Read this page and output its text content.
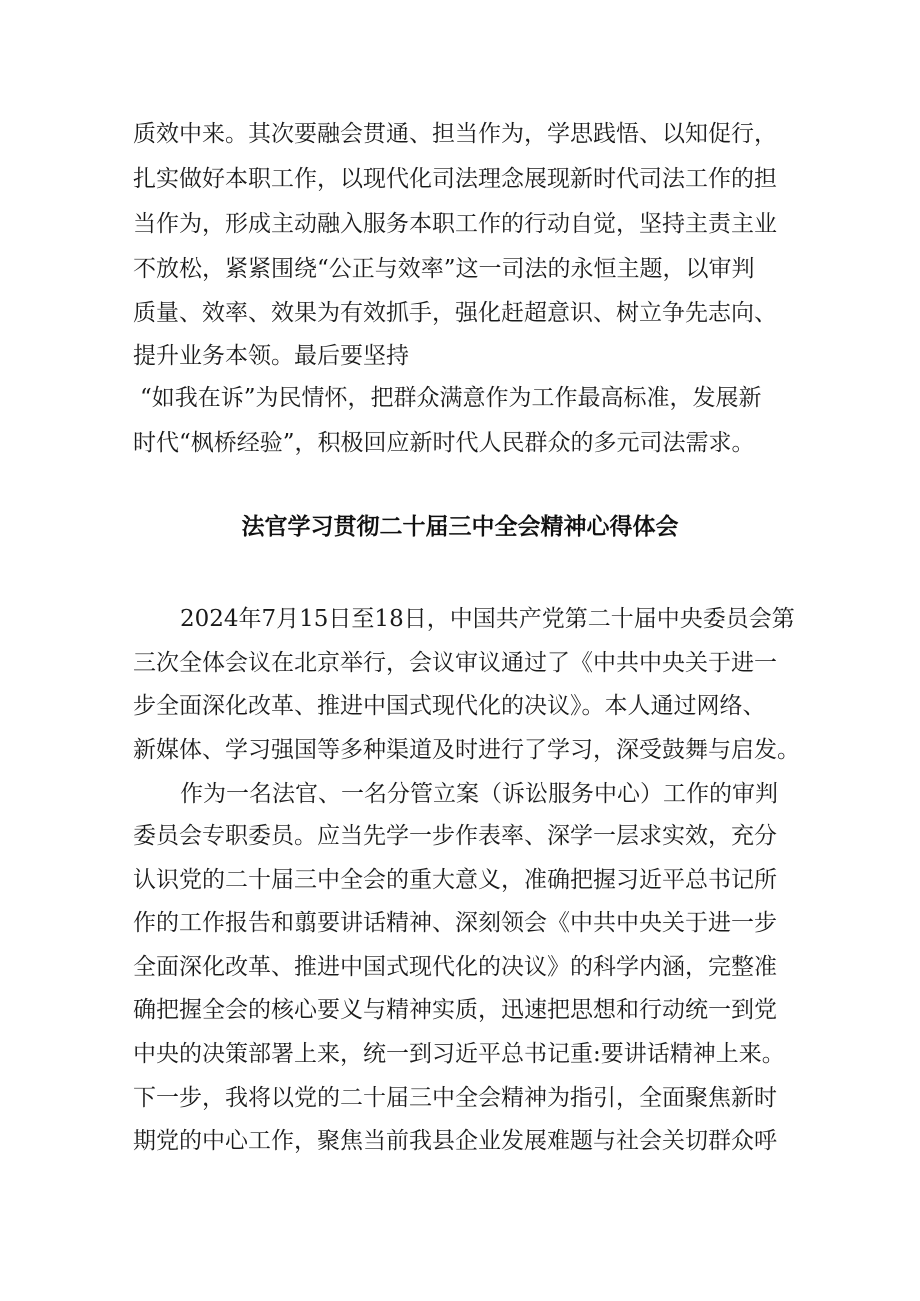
质效中来。其次要融会贯通、担当作为，学思践悟、以知促行，
扎实做好本职工作，以现代化司法理念展现新时代司法工作的担
当作为，形成主动融入服务本职工作的行动自觉，坚持主责主业
不放松，紧紧围绕“公正与效率”这一司法的永恒主题，以审判
质量、效率、效果为有效抓手，强化赶超意识、树立争先志向、
提升业务本领。最后要坚持
“如我在诉”为民情怀，把群众满意作为工作最高标准，发展新
时代“枫桥经验”，积极回应新时代人民群众的多元司法需求。
法官学习贯彻二十届三中全会精神心得体会
2024年7月15日至18日，中国共产党第二十届中央委员会第
三次全体会议在北京举行，会议审议通过了《中共中央关于进一
步全面深化改革、推进中国式现代化的决议》。本人通过网络、
新媒体、学习强国等多种渠道及时进行了学习，深受鼓舞与启发。
作为一名法官、一名分管立案（诉讼服务中心）工作的审判
委员会专职委员。应当先学一步作表率、深学一层求实效，充分
认识党的二十届三中全会的重大意义，准确把握习近平总书记所
作的工作报告和翦要讲话精神、深刻领会《中共中央关于进一步
全面深化改革、推进中国式现代化的决议》的科学内涵，完整准
确把握全会的核心要义与精神实质，迅速把思想和行动统一到党
中央的决策部署上来，统一到习近平总书记重:要讲话精神上来。
下一步，我将以党的二十届三中全会精神为指引，全面聚焦新时
期党的中心工作，聚焦当前我县企业发展难题与社会关切群众呼
